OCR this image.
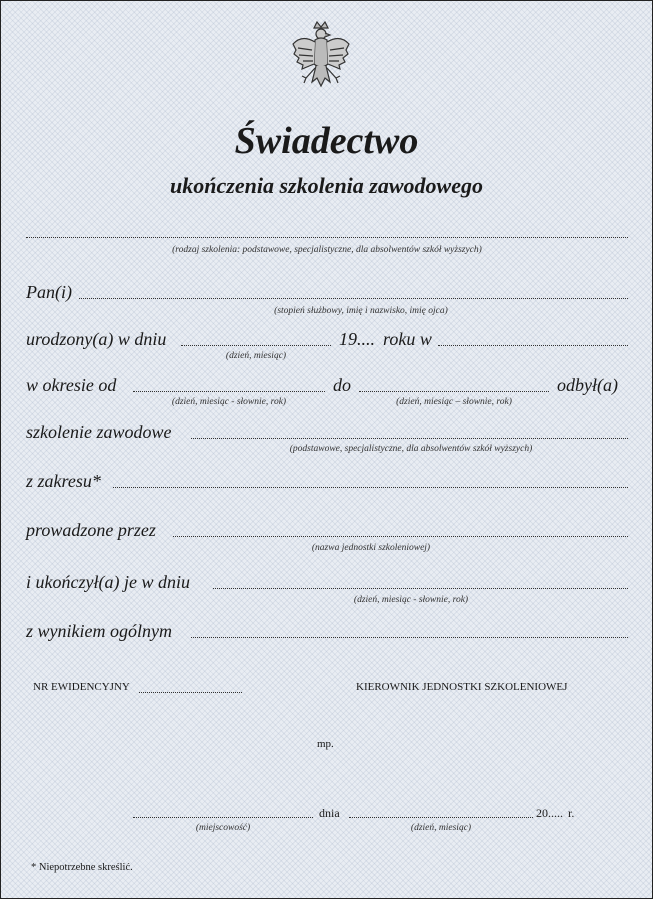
Świadectwo
ukończenia szkolenia zawodowego
(rodzaj szkolenia: podstawowe, specjalistyczne, dla absolwentów szkół wyższych)
Pan(i)
(stopień służbowy, imię i nazwisko, imię ojca)
urodzony(a) w dniu	19.... roku w
(dzień, miesiąc)
w okresie od	do	odbył(a)
(dzień, miesiąc - słownie, rok)	(dzień, miesiąc – słownie, rok)
szkolenie zawodowe
(podstawowe, specjalistyczne, dla absolwentów szkół wyższych)
z zakresu*
prowadzone przez
(nazwa jednostki szkoleniowej)
i ukończył(a) je w dniu
(dzień, miesiąc - słownie, rok)
z wynikiem ogólnym
NR EWIDENCYJNY	KIEROWNIK JEDNOSTKI SZKOLENIOWEJ
mp.
dnia	20..... r.
(miejscowość)	(dzień, miesiąc)
* Niepotrzebne skreślić.
